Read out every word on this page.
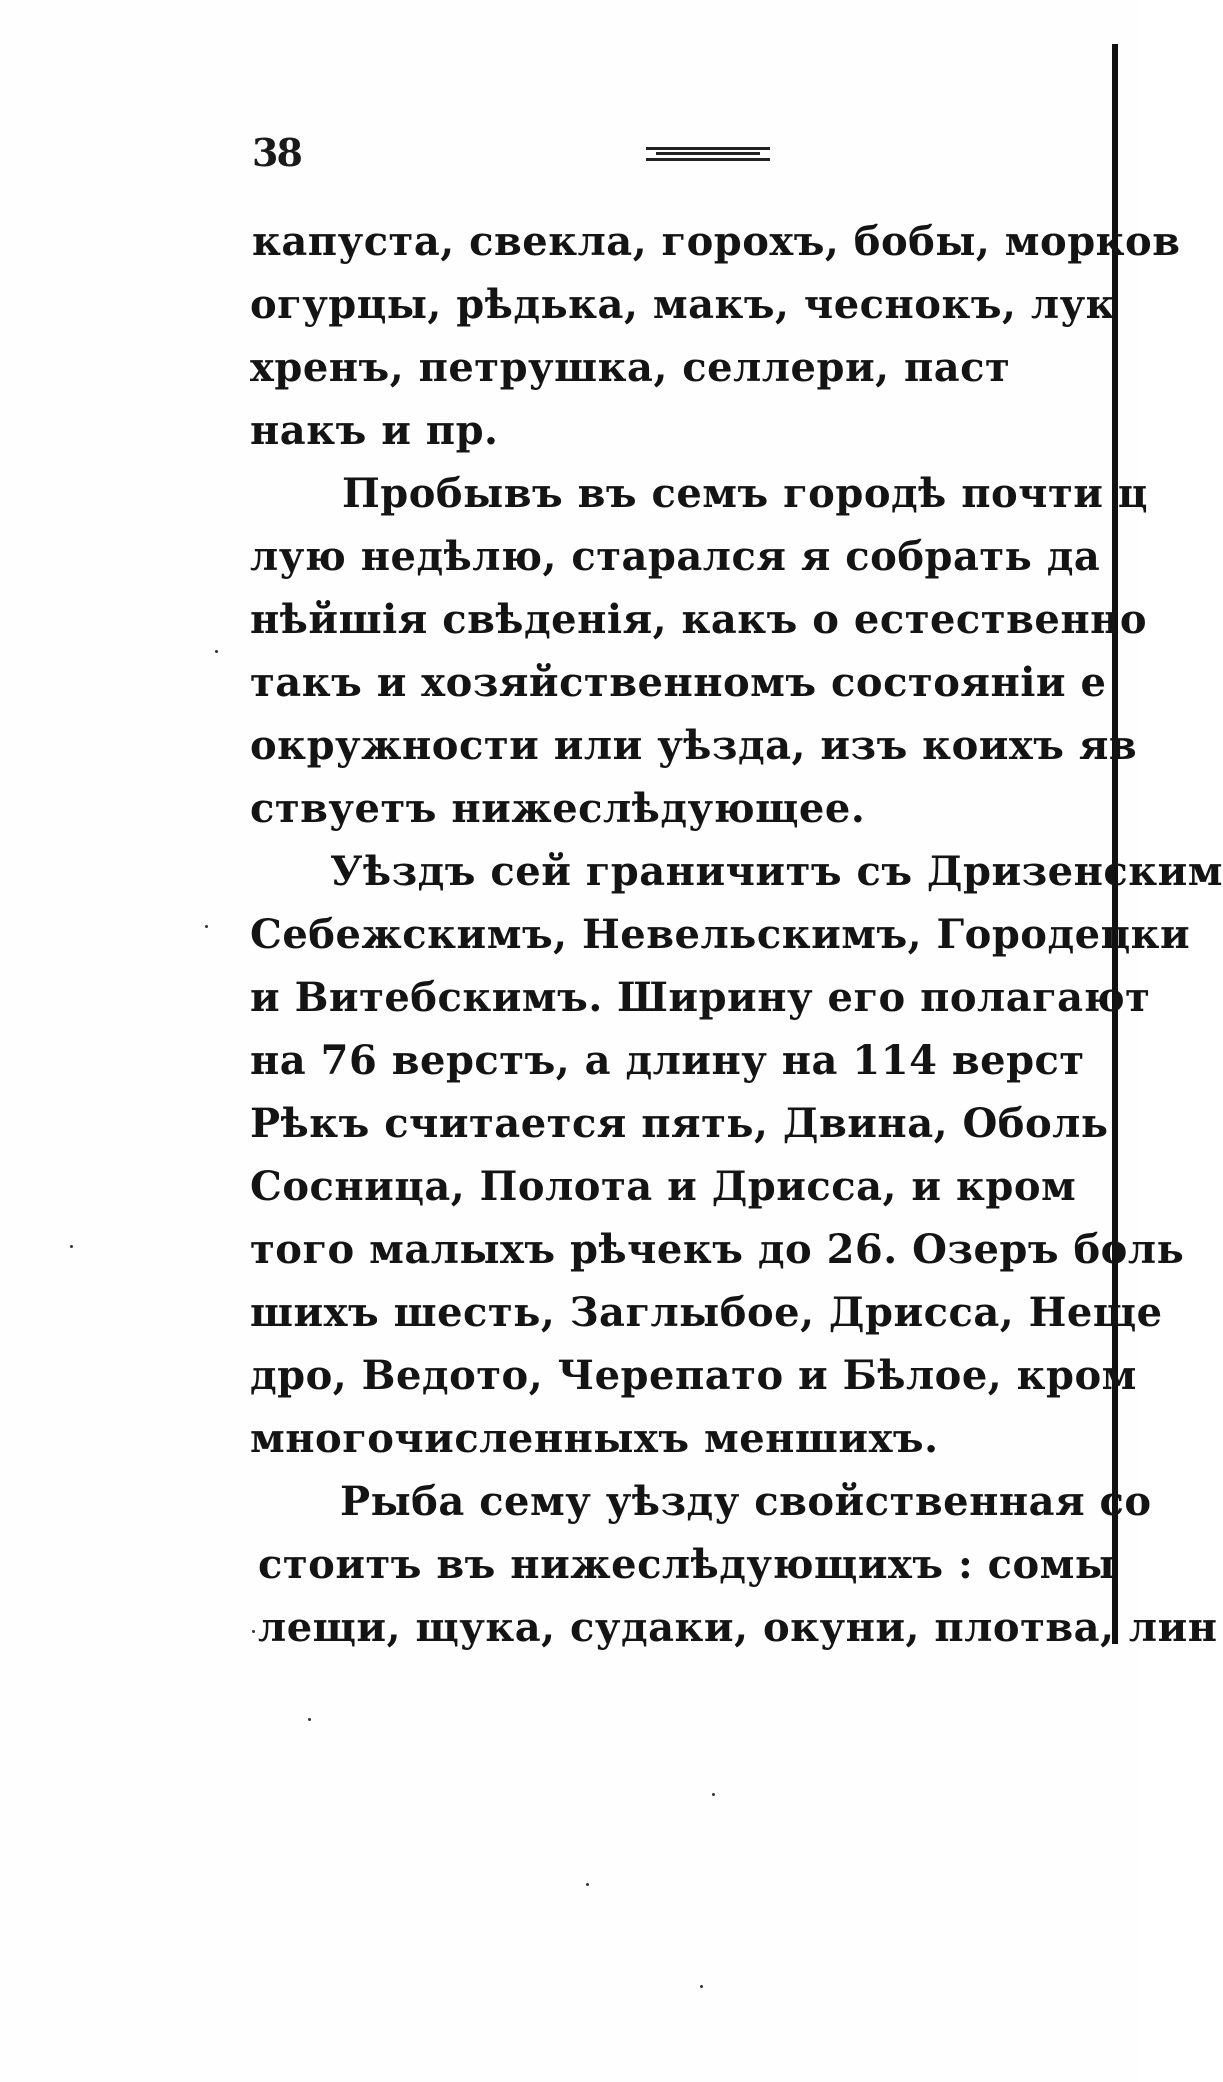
38
капуста, свекла, горохъ, бобы, морков
огурцы, рѣдька, макъ, чеснокъ, лук
хренъ, петрушка, селлери, паст
накъ и пр.
Пробывъ въ семъ городѣ почти ц
лую недѣлю, старался я собрать да
нѣйшія свѣденія, какъ о естественно
такъ и хозяйственномъ состояніи е
окружности или уѣзда, изъ коихъ яв
ствуетъ нижеслѣдующее.
Уѣздъ сей граничитъ съ Дризенским
Себежскимъ, Невельскимъ, Городецки
и Витебскимъ. Ширину его полагают
на 76 верстъ, а длину на 114 верст
Рѣкъ считается пять, Двина, Оболь
Сосница, Полота и Дрисса, и кром
того малыхъ рѣчекъ до 26. Озеръ боль
шихъ шесть, Заглыбое, Дрисса, Неще
дро, Ведото, Черепато и Бѣлое, кром
многочисленныхъ меншихъ.
Рыба сему уѣзду свойственная со
стоитъ въ нижеслѣдующихъ : сомы
лещи, щука, судаки, окуни, плотва, лин
